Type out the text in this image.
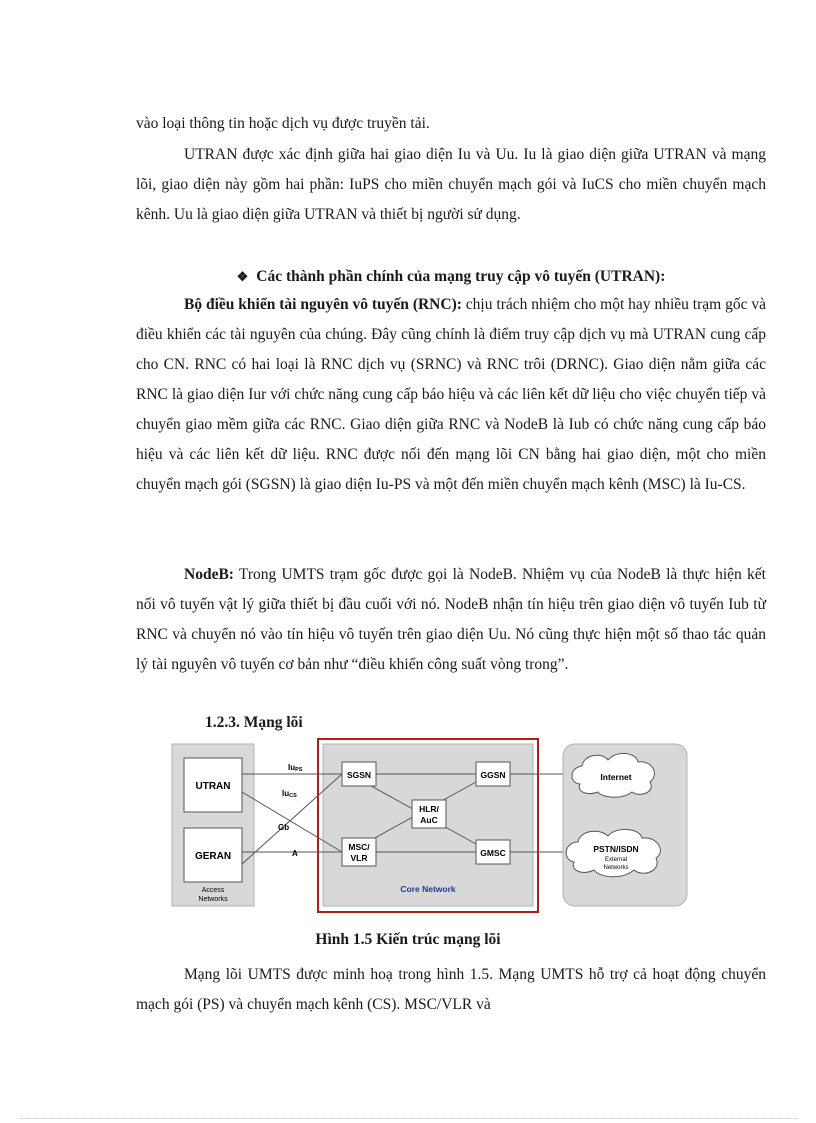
vào loại thông tin hoặc dịch vụ được truyền tải.

UTRAN được xác định giữa hai giao diện Iu và Uu. Iu là giao diện giữa UTRAN và mạng lõi, giao diện này gồm hai phần: IuPS cho miền chuyển mạch gói và IuCS cho miền chuyển mạch kênh. Uu là giao diện giữa UTRAN và thiết bị người sử dụng.

❖ Các thành phần chính của mạng truy cập vô tuyến (UTRAN):

Bộ điều khiển tài nguyên vô tuyến (RNC): chịu trách nhiệm cho một hay nhiều trạm gốc và điều khiển các tài nguyên của chúng. Đây cũng chính là điểm truy cập dịch vụ mà UTRAN cung cấp cho CN. RNC có hai loại là RNC dịch vụ (SRNC) và RNC trôi (DRNC). Giao diện nằm giữa các RNC là giao diện Iur với chức năng cung cấp báo hiệu và các liên kết dữ liệu cho việc chuyển tiếp và chuyển giao mềm giữa các RNC. Giao diện giữa RNC và NodeB là Iub có chức năng cung cấp báo hiệu và các liên kết dữ liệu. RNC được nối đến mạng lõi CN bằng hai giao diện, một cho miền chuyển mạch gói (SGSN) là giao diện Iu-PS và một đến miền chuyển mạch kênh (MSC) là Iu-CS.

NodeB: Trong UMTS trạm gốc được gọi là NodeB. Nhiệm vụ của NodeB là thực hiện kết nối vô tuyến vật lý giữa thiết bị đầu cuối với nó. NodeB nhận tín hiệu trên giao diện vô tuyến Iub từ RNC và chuyển nó vào tín hiệu vô tuyến trên giao diện Uu. Nó cũng thực hiện một số thao tác quản lý tài nguyên vô tuyến cơ bản như “điều khiển công suất vòng trong”.

1.2.3. Mạng lõi
UTRAN
GERAN
Access
Networks
SGSN	GGSN
HLR/
AuC
MSC/
VLR	GMSC
Core Network
IuPS
IuCS
Gb
A
Internet
PSTN/ISDN
External
Networks
Hình 1.5 Kiến trúc mạng lõi

Mạng lõi UMTS được minh hoạ trong hình 1.5. Mạng UMTS hỗ trợ cả hoạt động chuyển mạch gói (PS) và chuyển mạch kênh (CS). MSC/VLR và
